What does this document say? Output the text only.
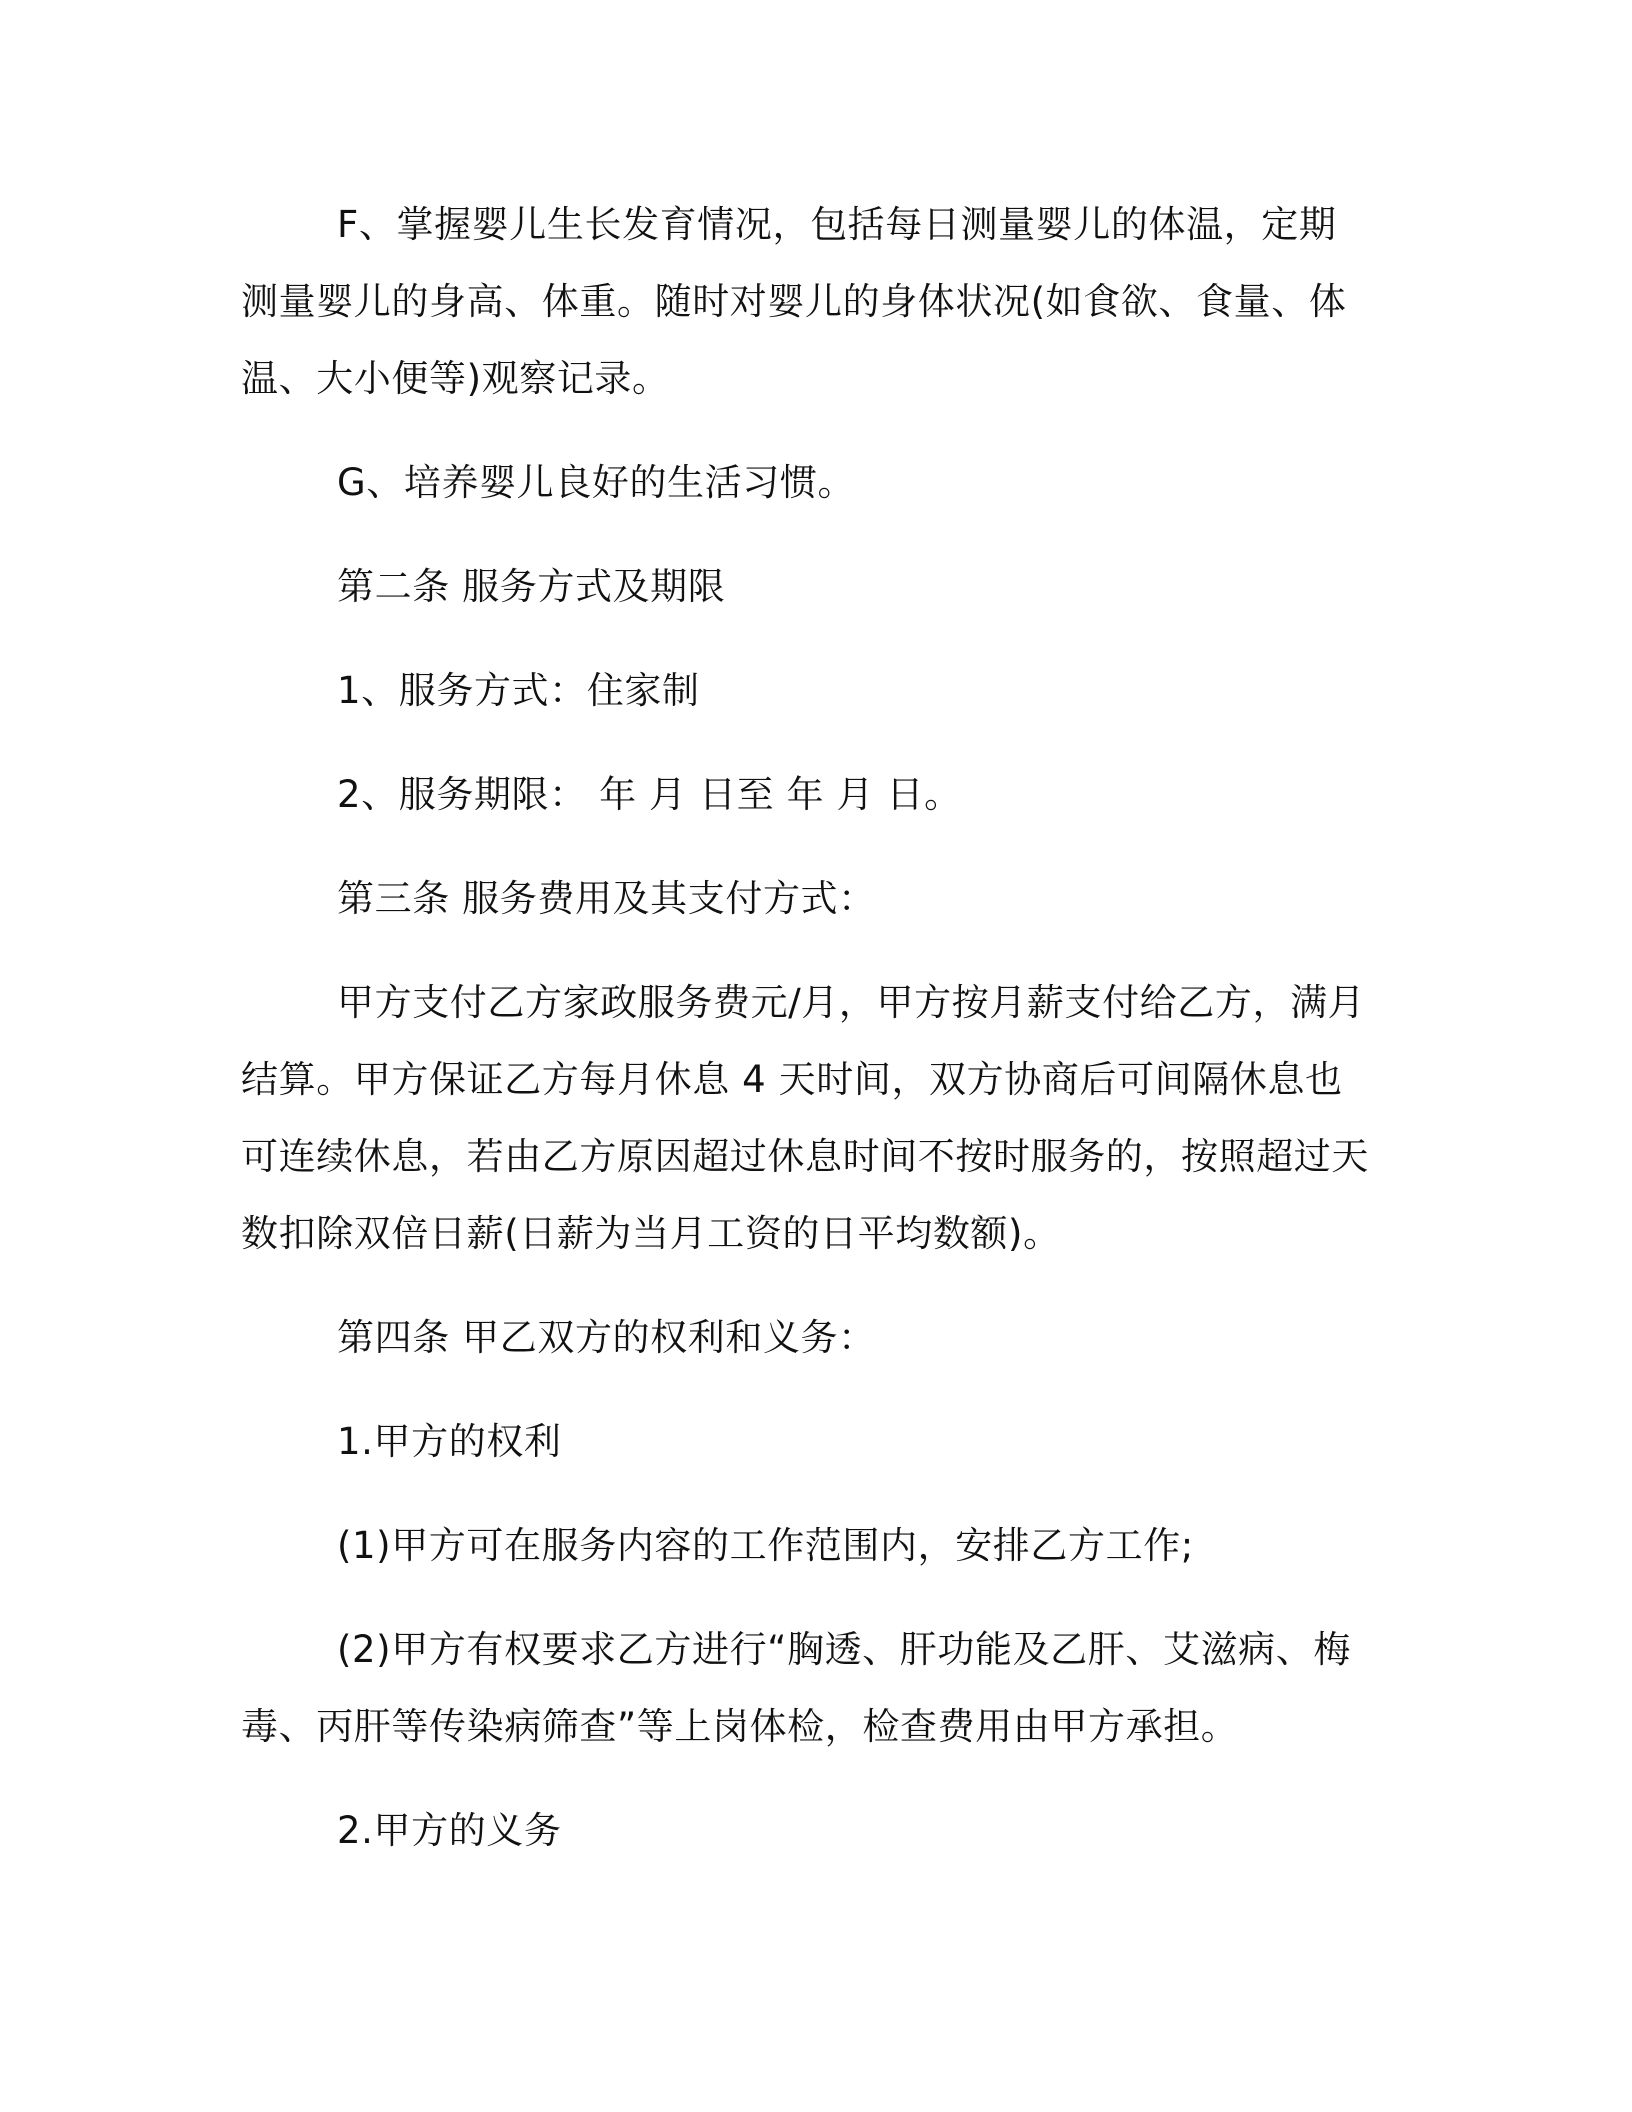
F、掌握婴儿生长发育情况，包括每日测量婴儿的体温，定期测量婴儿的身高、体重。随时对婴儿的身体状况(如食欲、食量、体温、大小便等)观察记录。

G、培养婴儿良好的生活习惯。

第二条 服务方式及期限

1、服务方式：住家制

2、服务期限： 年 月 日至 年 月 日。

第三条 服务费用及其支付方式：

甲方支付乙方家政服务费元/月，甲方按月薪支付给乙方，满月结算。甲方保证乙方每月休息 4 天时间，双方协商后可间隔休息也可连续休息，若由乙方原因超过休息时间不按时服务的，按照超过天数扣除双倍日薪(日薪为当月工资的日平均数额)。

第四条 甲乙双方的权利和义务：

1.甲方的权利

(1)甲方可在服务内容的工作范围内，安排乙方工作;

(2)甲方有权要求乙方进行“胸透、肝功能及乙肝、艾滋病、梅毒、丙肝等传染病筛查”等上岗体检，检查费用由甲方承担。

2.甲方的义务
